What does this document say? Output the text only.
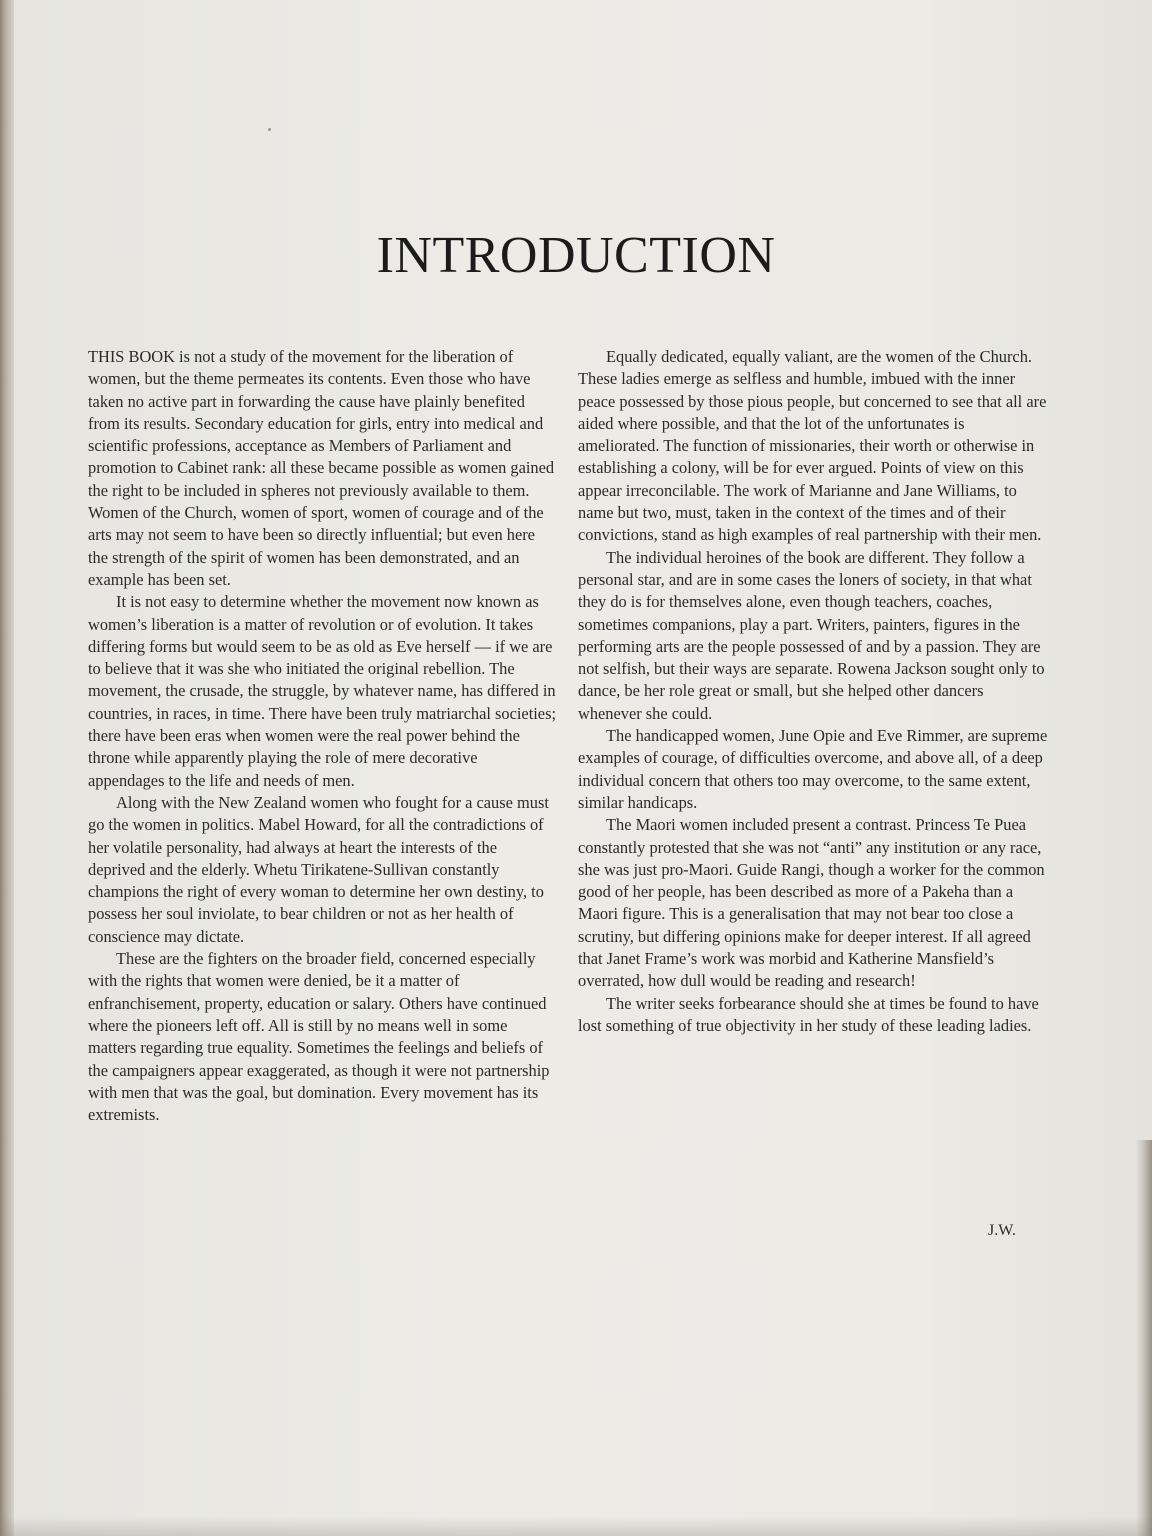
INTRODUCTION

THIS BOOK is not a study of the movement for the liberation of women, but the theme permeates its contents. Even those who have taken no active part in forwarding the cause have plainly benefited from its results. Secondary education for girls, entry into medical and scientific professions, acceptance as Members of Parliament and promotion to Cabinet rank: all these became possible as women gained the right to be included in spheres not previously available to them. Women of the Church, women of sport, women of courage and of the arts may not seem to have been so directly influential; but even here the strength of the spirit of women has been demonstrated, and an example has been set.

It is not easy to determine whether the movement now known as women’s liberation is a matter of revolution or of evolution. It takes differing forms but would seem to be as old as Eve herself — if we are to believe that it was she who initiated the original rebellion. The movement, the crusade, the struggle, by whatever name, has differed in countries, in races, in time. There have been truly matriarchal societies; there have been eras when women were the real power behind the throne while apparently playing the role of mere decorative appendages to the life and needs of men.

Along with the New Zealand women who fought for a cause must go the women in politics. Mabel Howard, for all the contradictions of her volatile personality, had always at heart the interests of the deprived and the elderly. Whetu Tirikatene-Sullivan constantly champions the right of every woman to determine her own destiny, to possess her soul inviolate, to bear children or not as her health of conscience may dictate.

These are the fighters on the broader field, concerned especially with the rights that women were denied, be it a matter of enfranchisement, property, education or salary. Others have continued where the pioneers left off. All is still by no means well in some matters regarding true equality. Sometimes the feelings and beliefs of the campaigners appear exaggerated, as though it were not partnership with men that was the goal, but domination. Every movement has its extremists.

Equally dedicated, equally valiant, are the women of the Church. These ladies emerge as selfless and humble, imbued with the inner peace possessed by those pious people, but concerned to see that all are aided where possible, and that the lot of the unfortunates is ameliorated. The function of missionaries, their worth or otherwise in establishing a colony, will be for ever argued. Points of view on this appear irreconcilable. The work of Marianne and Jane Williams, to name but two, must, taken in the context of the times and of their convictions, stand as high examples of real partnership with their men.

The individual heroines of the book are different. They follow a personal star, and are in some cases the loners of society, in that what they do is for themselves alone, even though teachers, coaches, sometimes companions, play a part. Writers, painters, figures in the performing arts are the people possessed of and by a passion. They are not selfish, but their ways are separate. Rowena Jackson sought only to dance, be her role great or small, but she helped other dancers whenever she could.

The handicapped women, June Opie and Eve Rimmer, are supreme examples of courage, of difficulties overcome, and above all, of a deep individual concern that others too may overcome, to the same extent, similar handicaps.

The Maori women included present a contrast. Princess Te Puea constantly protested that she was not “anti” any institution or any race, she was just pro-Maori. Guide Rangi, though a worker for the common good of her people, has been described as more of a Pakeha than a Maori figure. This is a generalisation that may not bear too close a scrutiny, but differing opinions make for deeper interest. If all agreed that Janet Frame’s work was morbid and Katherine Mansfield’s overrated, how dull would be reading and research!

The writer seeks forbearance should she at times be found to have lost something of true objectivity in her study of these leading ladies.

J.W.
